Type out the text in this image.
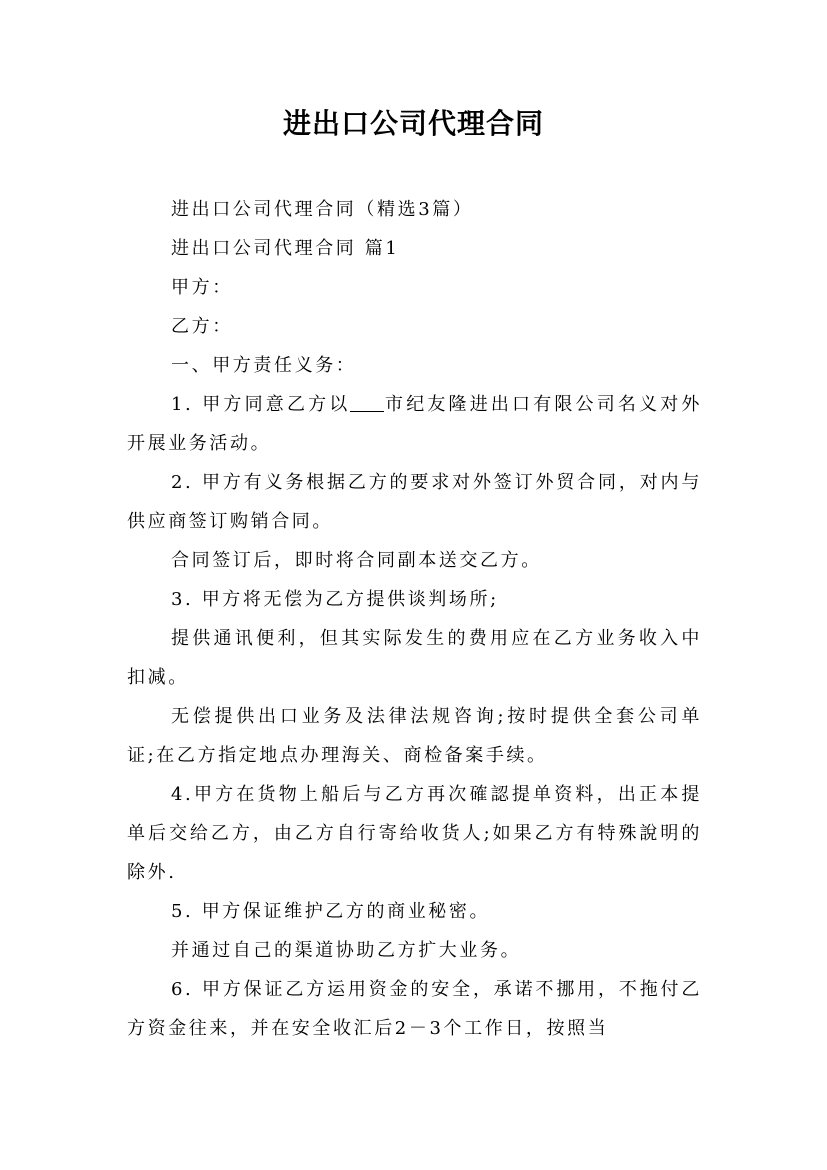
进出口公司代理合同

进出口公司代理合同（精选3篇）

进出口公司代理合同 篇1

甲方：

乙方：

一、甲方责任义务：

1. 甲方同意乙方以 市纪友隆进出口有限公司名义对外开展业务活动。

2. 甲方有义务根据乙方的要求对外签订外贸合同，对内与供应商签订购销合同。

合同签订后，即时将合同副本送交乙方。

3. 甲方将无偿为乙方提供谈判场所;

提供通讯便利，但其实际发生的费用应在乙方业务收入中扣减。

无偿提供出口业务及法律法规咨询;按时提供全套公司单证;在乙方指定地点办理海关、商检备案手续。

4.甲方在货物上船后与乙方再次確認提单资料，出正本提单后交给乙方，由乙方自行寄给收货人;如果乙方有特殊說明的除外.

5. 甲方保证维护乙方的商业秘密。

并通过自己的渠道协助乙方扩大业务。

6. 甲方保证乙方运用资金的安全，承诺不挪用，不拖付乙方资金往来，并在安全收汇后2－3个工作日，按照当
